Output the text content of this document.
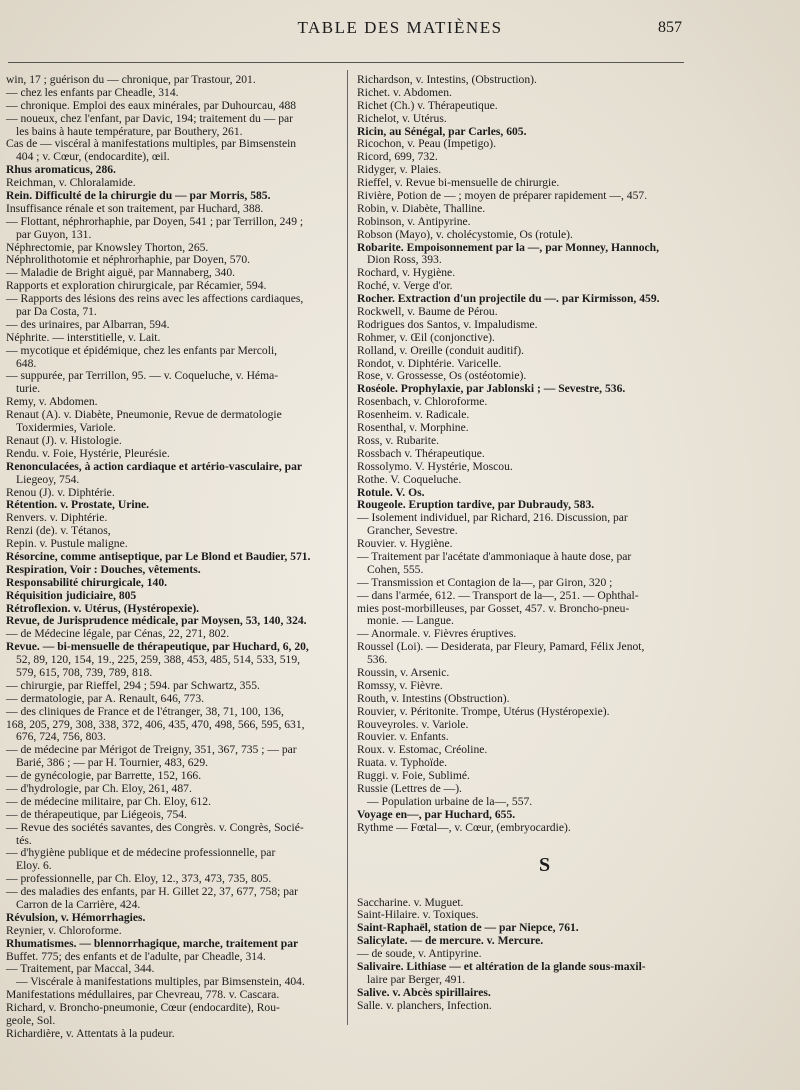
TABLE DES MATIÈNES	857
win, 17 ; guérison du — chronique, par Trastour, 201.
— chez les enfants par Cheadle, 314.
— chronique. Emploi des eaux minérales, par Duhourcau, 488
— noueux, chez l'enfant, par Davic, 194; traitement du — par
les bains à haute température, par Bouthery, 261.
Cas de — viscéral à manifestations multiples, par Bimsenstein
404 ; v. Cœur, (endocardite), œil.
Rhus aromaticus, 286.
Reichman, v. Chloralamide.
Rein. Difficulté de la chirurgie du — par Morris, 585.
Insuffisance rénale et son traitement, par Huchard, 388.
— Flottant, néphrorhaphie, par Doyen, 541 ; par Terrillon, 249 ;
par Guyon, 131.
Néphrectomie, par Knowsley Thorton, 265.
Néphrolithotomie et néphrorhaphie, par Doyen, 570.
— Maladie de Bright aiguë, par Mannaberg, 340.
Rapports et exploration chirurgicale, par Récamier, 594.
— Rapports des lésions des reins avec les affections cardiaques,
par Da Costa, 71.
— des urinaires, par Albarran, 594.
Néphrite. — interstitielle, v. Lait.
— mycotique et épidémique, chez les enfants par Mercoli,
648.
— suppurée, par Terrillon, 95. — v. Coqueluche, v. Héma-
turie.
Remy, v. Abdomen.
Renaut (A). v. Diabète, Pneumonie, Revue de dermatologie
Toxidermies, Variole.
Renaut (J). v. Histologie.
Rendu. v. Foie, Hystérie, Pleurésie.
Renonculacées, à action cardiaque et artério-vasculaire, par
Liegeoy, 754.
Renou (J). v. Diphtérie.
Rétention. v. Prostate, Urine.
Renvers. v. Diphtérie.
Renzi (de). v. Tétanos,
Repin. v. Pustule maligne.
Résorcine, comme antiseptique, par Le Blond et Baudier, 571.
Respiration, Voir : Douches, vêtements.
Responsabilité chirurgicale, 140.
Réquisition judiciaire, 805
Rétroflexion. v. Utérus, (Hystéropexie).
Revue, de Jurisprudence médicale, par Moysen, 53, 140, 324.
— de Médecine légale, par Cénas, 22, 271, 802.
Revue. — bi-mensuelle de thérapeutique, par Huchard, 6, 20,
52, 89, 120, 154, 19., 225, 259, 388, 453, 485, 514, 533, 519,
579, 615, 708, 739, 789, 818.
— chirurgie, par Rieffel, 294 ; 594. par Schwartz, 355.
— dermatologie, par A. Renault, 646, 773.
— des cliniques de France et de l'étranger, 38, 71, 100, 136,
168, 205, 279, 308, 338, 372, 406, 435, 470, 498, 566, 595, 631,
676, 724, 756, 803.
— de médecine par Mérigot de Treigny, 351, 367, 735 ; — par
Barié, 386 ; — par H. Tournier, 483, 629.
— de gynécologie, par Barrette, 152, 166.
— d'hydrologie, par Ch. Eloy, 261, 487.
— de médecine militaire, par Ch. Eloy, 612.
— de thérapeutique, par Liégeois, 754.
— Revue des sociétés savantes, des Congrès. v. Congrès, Socié-
tés.
— d'hygiène publique et de médecine professionnelle, par
Eloy. 6.
— professionnelle, par Ch. Eloy, 12., 373, 473, 735, 805.
— des maladies des enfants, par H. Gillet 22, 37, 677, 758; par
Carron de la Carrière, 424.
Révulsion, v. Hémorrhagies.
Reynier, v. Chloroforme.
Rhumatismes. — blennorrhagique, marche, traitement par
Buffet. 775; des enfants et de l'adulte, par Cheadle, 314.
— Traitement, par Maccal, 344.
— Viscérale à manifestations multiples, par Bimsenstein, 404.
Manifestations médullaires, par Chevreau, 778. v. Cascara.
Richard, v. Broncho-pneumonie, Cœur (endocardite), Rou-
geole, Sol.
Richardière, v. Attentats à la pudeur.
Richardson, v. Intestins, (Obstruction).
Richet. v. Abdomen.
Richet (Ch.) v. Thérapeutique.
Richelot, v. Utérus.
Ricin, au Sénégal, par Carles, 605.
Ricochon, v. Peau (Impetigo).
Ricord, 699, 732.
Ridyger, v. Plaies.
Rieffel, v. Revue bi-mensuelle de chirurgie.
Rivière, Potion de — ; moyen de préparer rapidement —, 457.
Robin, v. Diabète, Thalline.
Robinson, v. Antipyrine.
Robson (Mayo), v. cholécystomie, Os (rotule).
Robarite. Empoisonnement par la —, par Monney, Hannoch,
Dion Ross, 393.
Rochard, v. Hygiène.
Roché, v. Verge d'or.
Rocher. Extraction d'un projectile du —. par Kirmisson, 459.
Rockwell, v. Baume de Pérou.
Rodrigues dos Santos, v. Impaludisme.
Rohmer, v. Œil (conjonctive).
Rolland, v. Oreille (conduit auditif).
Rondot, v. Diphtérie. Varicelle.
Rose, v. Grossesse, Os (ostéotomie).
Roséole. Prophylaxie, par Jablonski ; — Sevestre, 536.
Rosenbach, v. Chloroforme.
Rosenheim. v. Radicale.
Rosenthal, v. Morphine.
Ross, v. Rubarite.
Rossbach v. Thérapeutique.
Rossolymo. V. Hystérie, Moscou.
Rothe. V. Coqueluche.
Rotule. V. Os.
Rougeole. Eruption tardive, par Dubraudy, 583.
— Isolement individuel, par Richard, 216. Discussion, par
Grancher, Sevestre.
Rouvier. v. Hygiène.
— Traitement par l'acétate d'ammoniaque à haute dose, par
Cohen, 555.
— Transmission et Contagion de la—, par Giron, 320 ;
— dans l'armée, 612. — Transport de la—, 251. — Ophthal-
mies post-morbilleuses, par Gosset, 457. v. Broncho-pneu-
monie. — Langue.
— Anormale. v. Fièvres éruptives.
Roussel (Loi). — Desiderata, par Fleury, Pamard, Félix Jenot,
536.
Roussin, v. Arsenic.
Romssy, v. Fièvre.
Routh, v. Intestins (Obstruction).
Rouvier, v. Péritonite. Trompe, Utérus (Hystéropexie).
Rouveyroles. v. Variole.
Rouvier. v. Enfants.
Roux. v. Estomac, Créoline.
Ruata. v. Typhoïde.
Ruggi. v. Foie, Sublimé.
Russie (Lettres de —).
— Population urbaine de la—, 557.
Voyage en—, par Huchard, 655.
Rythme — Fœtal—, v. Cœur, (embryocardie).
S
Saccharine. v. Muguet.
Saint-Hilaire. v. Toxiques.
Saint-Raphaël, station de — par Niepce, 761.
Salicylate. — de mercure. v. Mercure.
— de soude, v. Antipyrine.
Salivaire. Lithiase — et altération de la glande sous-maxil-
laire par Berger, 491.
Salive. v. Abcès spirillaires.
Salle. v. planchers, Infection.
